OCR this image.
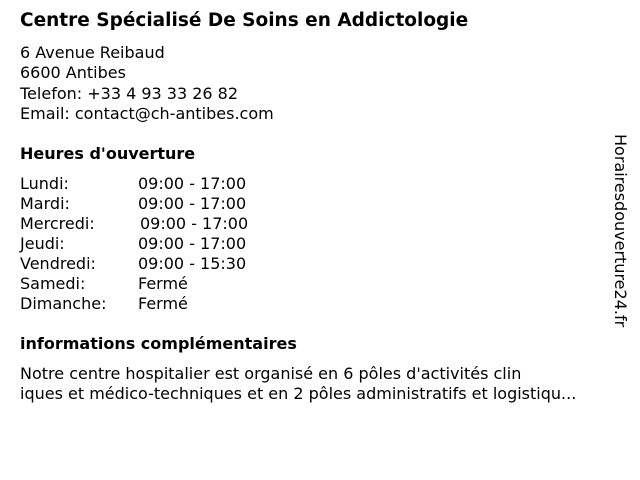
Centre Spécialisé De Soins en Addictologie
6 Avenue Reibaud
6600 Antibes
Telefon: +33 4 93 33 26 82
Email: contact@ch-antibes.com
Heures d'ouverture
Lundi:	09:00 - 17:00
Mardi:	09:00 - 17:00
Mercredi:	09:00 - 17:00
Jeudi:	09:00 - 17:00
Vendredi:	09:00 - 15:30
Samedi:	Fermé
Dimanche: Fermé
informations complémentaires
Notre centre hospitalier est organisé en 6 pôles d'activités clin
iques et médico-techniques et en 2 pôles administratifs et logistiqu...
Horairesdouverture24.fr
